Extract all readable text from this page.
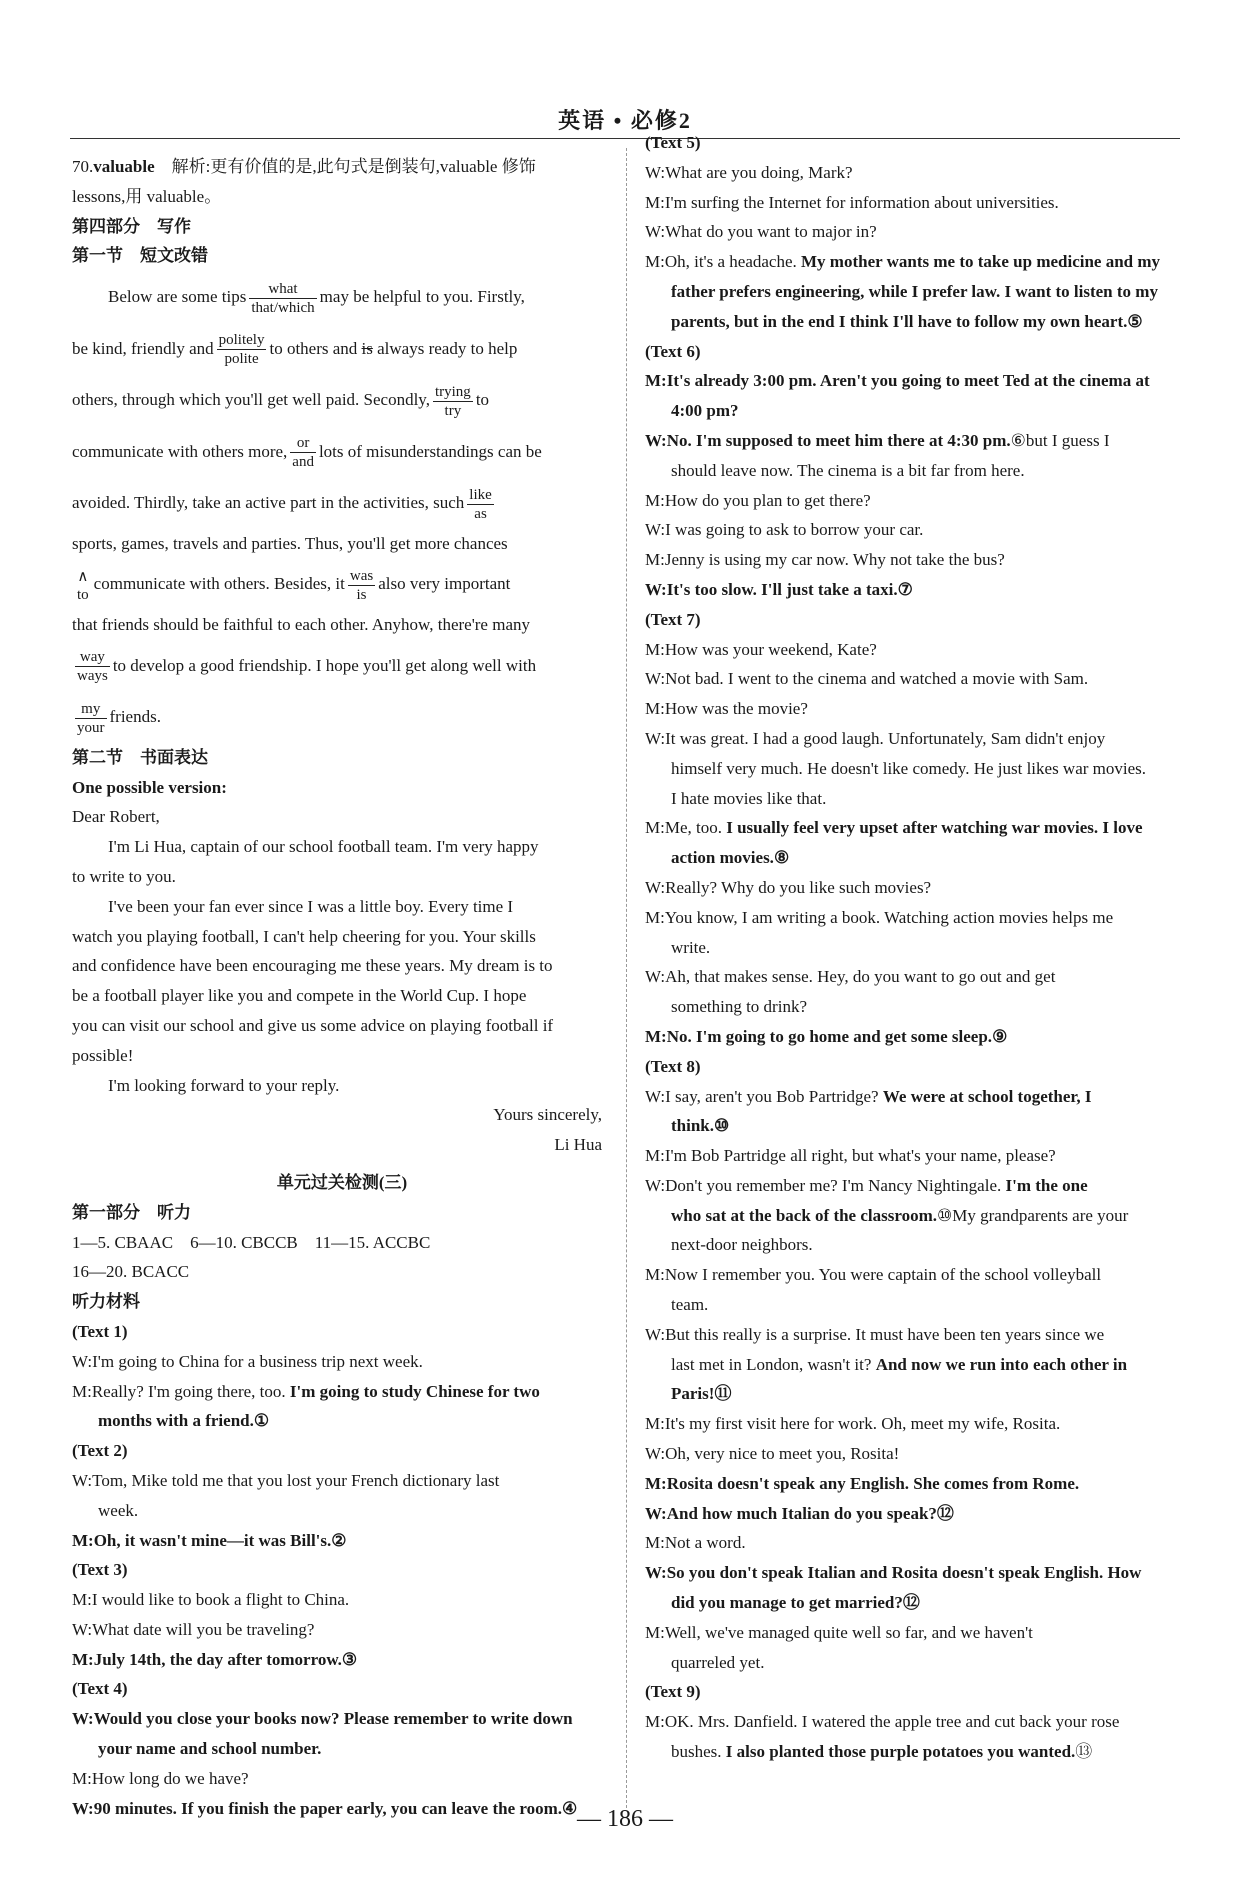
英语 • 必修2
70.valuable　 解析:更有价值的是,此句式是倒装句,valuable 修饰
lessons,用 valuable。
第四部分　写作
第一节　短文改错
Below are some tips $\frac{\text{what}}{\text{that/which}}$ may be helpful to you. Firstly,
be kind, friendly and $\frac{\text{politely}}{\text{polite}}$ to others and is always ready to help
others, through which you'll get well paid. Secondly, $\frac{\text{trying}}{\text{try}}$ to
communicate with others more, $\frac{or}{\text{and}}$ lots of misunderstandings can be
avoided. Thirdly, take an active part in the activities, such $\frac{\text{like}}{as}$
sports, games, travels and parties. Thus, you'll get more chances
∧
to
communicate with others. Besides, it $\frac{\text{was}}{is}$ also very important
that friends should be faithful to each other. Anyhow, there're many
$\frac{\text{way}}{\text{ways}}$ to develop a good friendship. I hope you'll get along well with
$\frac{my}{\text{your}}$ friends.
第二节　书面表达
One possible version:
Dear Robert,
I'm Li Hua, captain of our school football team. I'm very happy
to write to you.
I've been your fan ever since I was a little boy. Every time I
watch you playing football, I can't help cheering for you. Your skills
and confidence have been encouraging me these years. My dream is to
be a football player like you and compete in the World Cup. I hope
you can visit our school and give us some advice on playing football if
possible!
I'm looking forward to your reply.
Yours sincerely,
Li Hua
单元过关检测(三)
第一部分　听力
1—5. CBAAC　6—10. CBCCB　11—15. ACCBC
16—20. BCACC
听力材料
(Text 1)
W:I'm going to China for a business trip next week.
M:Really? I'm going there, too. I'm going to study Chinese for two
months with a friend.①
(Text 2)
W:Tom, Mike told me that you lost your French dictionary last
week.
M:Oh, it wasn't mine—it was Bill's.②
(Text 3)
M:I would like to book a flight to China.
W:What date will you be traveling?
M:July 14th, the day after tomorrow.③
(Text 4)
W:Would you close your books now? Please remember to write down
your name and school number.
M:How long do we have?
W:90 minutes. If you finish the paper early, you can leave the room.④
(Text 5)
W:What are you doing, Mark?
M:I'm surfing the Internet for information about universities.
W:What do you want to major in?
M:Oh, it's a headache. My mother wants me to take up medicine and my
father prefers engineering, while I prefer law. I want to listen to my
parents, but in the end I think I'll have to follow my own heart.⑤
(Text 6)
M:It's already 3:00 pm. Aren't you going to meet Ted at the cinema at
4:00 pm?
W:No. I'm supposed to meet him there at 4:30 pm.⑥but I guess I
should leave now. The cinema is a bit far from here.
M:How do you plan to get there?
W:I was going to ask to borrow your car.
M:Jenny is using my car now. Why not take the bus?
W:It's too slow. I'll just take a taxi.⑦
(Text 7)
M:How was your weekend, Kate?
W:Not bad. I went to the cinema and watched a movie with Sam.
M:How was the movie?
W:It was great. I had a good laugh. Unfortunately, Sam didn't enjoy
himself very much. He doesn't like comedy. He just likes war movies.
I hate movies like that.
M:Me, too. I usually feel very upset after watching war movies. I love
action movies.⑧
W:Really? Why do you like such movies?
M:You know, I am writing a book. Watching action movies helps me
write.
W:Ah, that makes sense. Hey, do you want to go out and get
something to drink?
M:No. I'm going to go home and get some sleep.⑨
(Text 8)
W:I say, aren't you Bob Partridge? We were at school together, I
think.⑩
M:I'm Bob Partridge all right, but what's your name, please?
W:Don't you remember me? I'm Nancy Nightingale. I'm the one
who sat at the back of the classroom.⑩My grandparents are your
next-door neighbors.
M:Now I remember you. You were captain of the school volleyball
team.
W:But this really is a surprise. It must have been ten years since we
last met in London, wasn't it? And now we run into each other in
Paris!⑪
M:It's my first visit here for work. Oh, meet my wife, Rosita.
W:Oh, very nice to meet you, Rosita!
M:Rosita doesn't speak any English. She comes from Rome.
W:And how much Italian do you speak?⑫
M:Not a word.
W:So you don't speak Italian and Rosita doesn't speak English. How
did you manage to get married?⑫
M:Well, we've managed quite well so far, and we haven't
quarreled yet.
(Text 9)
M:OK. Mrs. Danfield. I watered the apple tree and cut back your rose
bushes. I also planted those purple potatoes you wanted.⑬
— 186 —
